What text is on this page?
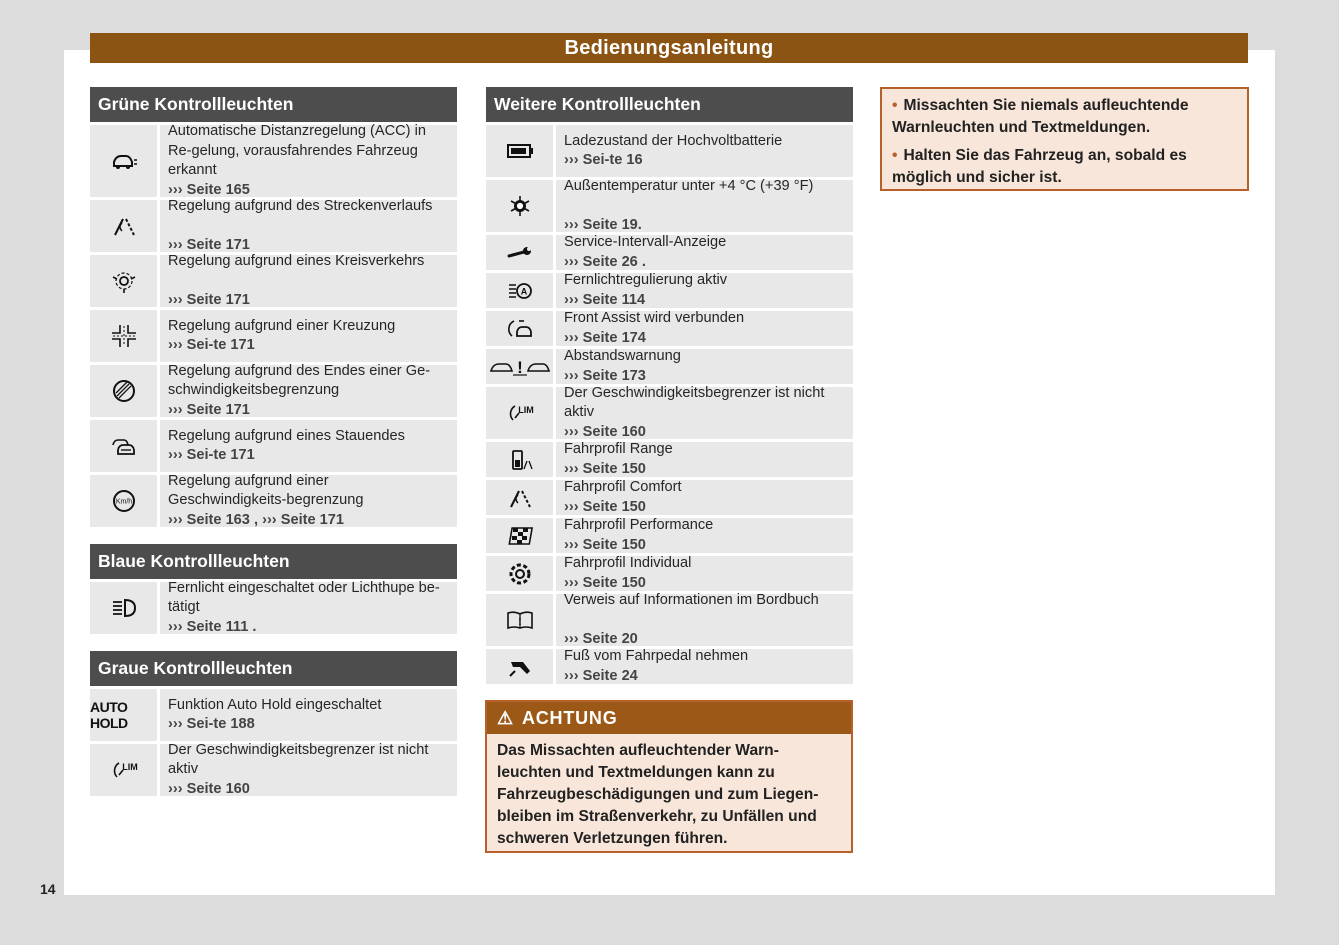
Bedienungsanleitung
14
Grüne Kontrollleuchten
Automatische Distanzregelung (ACC) in Re-gelung, vorausfahrendes Fahrzeug erkannt
››› Seite 165
Regelung aufgrund des Streckenverlaufs

››› Seite 171
Regelung aufgrund eines Kreisverkehrs

››› Seite 171
Regelung aufgrund einer Kreuzung
››› Sei-te 171
Regelung aufgrund des Endes einer Ge-schwindigkeitsbegrenzung
››› Seite 171
Regelung aufgrund eines Stauendes
››› Sei-te 171
Km/h
Regelung aufgrund einer Geschwindigkeits-begrenzung
››› Seite 163 , ››› Seite 171
Blaue Kontrollleuchten
Fernlicht eingeschaltet oder Lichthupe be-tätigt
››› Seite 111 .
Graue Kontrollleuchten
AUTO HOLD
Funktion Auto Hold eingeschaltet
››› Sei-te 188
LIM
Der Geschwindigkeitsbegrenzer ist nicht aktiv
››› Seite 160
Weitere Kontrollleuchten
Ladezustand der Hochvoltbatterie
››› Sei-te 16
Außentemperatur unter +4 °C (+39 °F)

››› Seite 19.
Service-Intervall-Anzeige
››› Seite 26 .
A
Fernlichtregulierung aktiv
››› Seite 114
Front Assist wird verbunden
››› Seite 174
!
Abstandswarnung
››› Seite 173
LIM
Der Geschwindigkeitsbegrenzer ist nicht aktiv
››› Seite 160
Fahrprofil Range
››› Seite 150
Fahrprofil Comfort
››› Seite 150
Fahrprofil Performance
››› Seite 150
Fahrprofil Individual
››› Seite 150
!
Verweis auf Informationen im Bordbuch

››› Seite 20
Fuß vom Fahrpedal nehmen
››› Seite 24
⚠ ACHTUNG
Das Missachten aufleuchtender Warn-leuchten und Textmeldungen kann zu Fahrzeugbeschädigungen und zum Liegen-bleiben im Straßenverkehr, zu Unfällen und schweren Verletzungen führen.
• Missachten Sie niemals aufleuchtende Warnleuchten und Textmeldungen.
• Halten Sie das Fahrzeug an, sobald es möglich und sicher ist.
